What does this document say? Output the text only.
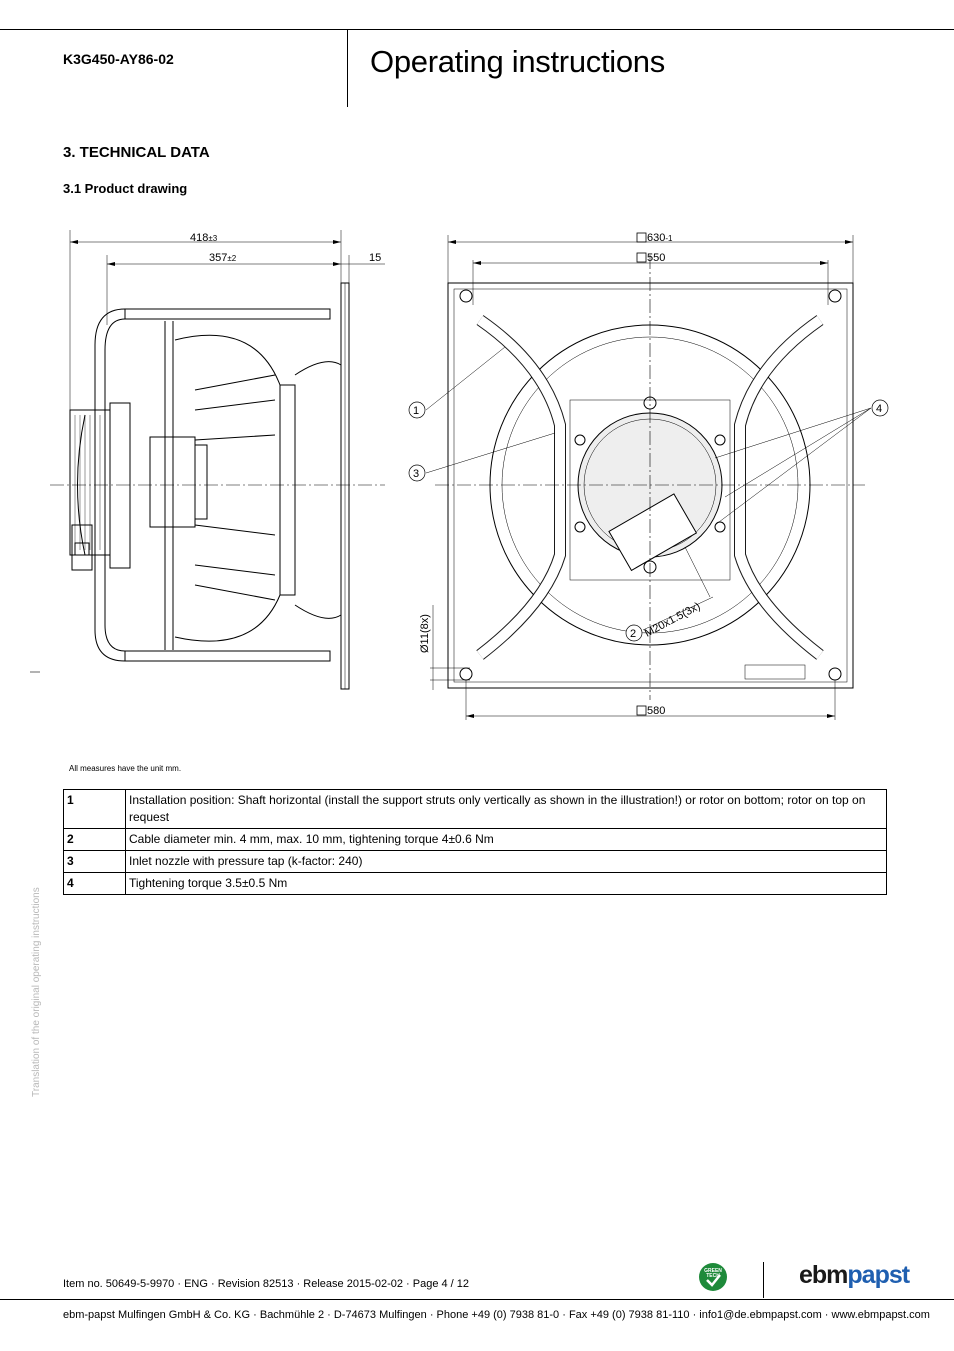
K3G450-AY86-02	Operating instructions
3. TECHNICAL DATA
3.1 Product drawing
418±3
357±2	15
630-1
550
580
Ø11(8x)	M20x1.5(3x)
1
3
2
4
All measures have the unit mm.
1	Installation position: Shaft horizontal (install the support struts only vertically as shown in the illustration!) or rotor on bottom; rotor on top on request
2	Cable diameter min. 4 mm, max. 10 mm, tightening torque 4±0.6 Nm
3	Inlet nozzle with pressure tap (k-factor: 240)
4	Tightening torque 3.5±0.5 Nm
Translation of the original operating instructions
Item no. 50649-5-9970 · ENG · Revision 82513 · Release 2015-02-02 · Page 4 / 12
GREEN
TECH	ebmpapst
ebm-papst Mulfingen GmbH & Co. KG · Bachmühle 2 · D-74673 Mulfingen · Phone +49 (0) 7938 81-0 · Fax +49 (0) 7938 81-110 · info1@de.ebmpapst.com · www.ebmpapst.com
